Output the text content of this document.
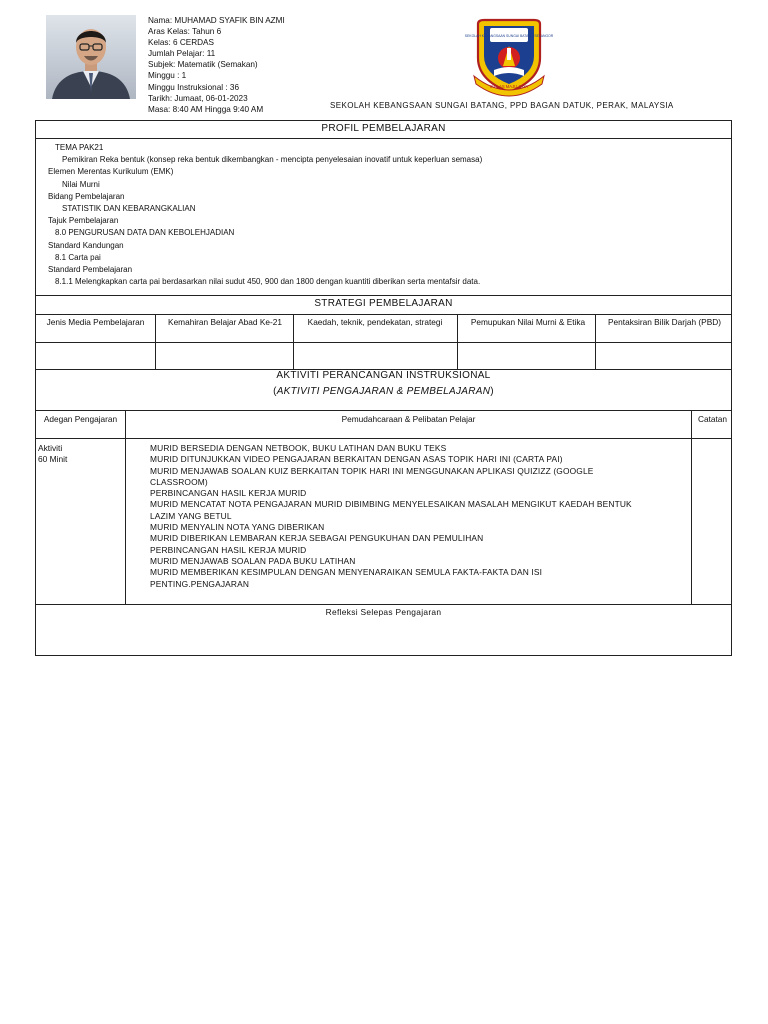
Nama: MUHAMAD SYAFIK BIN AZMI
Aras Kelas: Tahun 6
Kelas: 6 CERDAS
Jumlah Pelajar: 11
Subjek: Matematik (Semakan)
Minggu : 1
Minggu Instruksional : 36
Tarikh: Jumaat, 06-01-2023
Masa: 8:40 AM Hingga 9:40 AM
SEKOLAH KEBANGSAAN SUNGAI BATANG SELANGOR
IKHLAS MAJU JAYA
SEKOLAH KEBANGSAAN SUNGAI BATANG, PPD BAGAN DATUK, PERAK, MALAYSIA
PROFIL PEMBELAJARAN
TEMA PAK21
Pemikiran Reka bentuk (konsep reka bentuk dikembangkan - mencipta penyelesaian inovatif untuk keperluan semasa)
Elemen Merentas Kurikulum (EMK)
Nilai Murni
Bidang Pembelajaran
STATISTIK DAN KEBARANGKALIAN
Tajuk Pembelajaran
8.0 PENGURUSAN DATA DAN KEBOLEHJADIAN
Standard Kandungan
8.1 Carta pai
Standard Pembelajaran
8.1.1 Melengkapkan carta pai berdasarkan nilai sudut 450, 900 dan 1800 dengan kuantiti diberikan serta mentafsir data.
STRATEGI PEMBELAJARAN
Jenis Media Pembelajaran	Kemahiran Belajar Abad Ke-21	Kaedah, teknik, pendekatan, strategi	Pemupukan Nilai Murni & Etika	Pentaksiran Bilik Darjah (PBD)
AKTIVITI PERANCANGAN INSTRUKSIONAL
(AKTIVITI PENGAJARAN & PEMBELAJARAN)
Adegan Pengajaran	Pemudahcaraan & Pelibatan Pelajar	Catatan
Aktiviti
60 Minit
MURID BERSEDIA DENGAN NETBOOK, BUKU LATIHAN DAN BUKU TEKS
MURID DITUNJUKKAN VIDEO PENGAJARAN BERKAITAN DENGAN ASAS TOPIK HARI INI (CARTA PAI)
MURID MENJAWAB SOALAN KUIZ BERKAITAN TOPIK HARI INI MENGGUNAKAN APLIKASI QUIZIZZ (GOOGLE
CLASSROOM)
PERBINCANGAN HASIL KERJA MURID
MURID MENCATAT NOTA PENGAJARAN MURID DIBIMBING MENYELESAIKAN MASALAH MENGIKUT KAEDAH BENTUK
LAZIM YANG BETUL
MURID MENYALIN NOTA YANG DIBERIKAN
MURID DIBERIKAN LEMBARAN KERJA SEBAGAI PENGUKUHAN DAN PEMULIHAN
PERBINCANGAN HASIL KERJA MURID
MURID MENJAWAB SOALAN PADA BUKU LATIHAN
MURID MEMBERIKAN KESIMPULAN DENGAN MENYENARAIKAN SEMULA FAKTA-FAKTA DAN ISI
PENTING.PENGAJARAN
Refleksi Selepas Pengajaran
